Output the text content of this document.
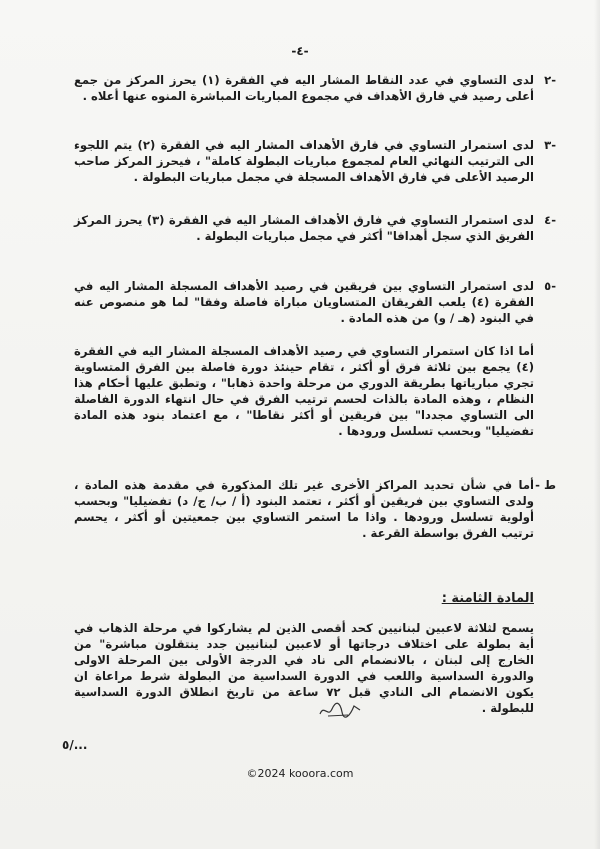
-٤-
-٢

لدى التساوي في عدد النقاط المشار اليه في الفقرة (١) يحرز المركز من جمع أعلى رصيد في فارق الأهداف في مجموع المباريات المباشرة المنوه عنها أعلاه .

-٣

لدى استمرار التساوي في فارق الأهداف المشار اليه في الفقرة (٢) يتم اللجوء الى الترتيب النهائي العام لمجموع مباريات البطولة كاملة" ، فيحرز المركز صاحب الرصيد الأعلى في فارق الأهداف المسجلة في مجمل مباريات البطولة .

-٤

لدى استمرار التساوي في فارق الأهداف المشار اليه في الفقرة (٣) يحرز المركز الفريق الذي سجل أهدافا" أكثر في مجمل مباريات البطولة .

-٥

لدى استمرار التساوي بين فريقين في رصيد الأهداف المسجلة المشار اليه في الفقرة (٤) يلعب الفريقان المتساويان مباراة فاصلة وفقا" لما هو منصوص عنه في البنود (هـ / و) من هذه المادة .

أما اذا كان استمرار التساوي في رصيد الأهداف المسجلة المشار اليه في الفقرة (٤) يجمع بين ثلاثة فرق أو أكثر ، تقام حينئذ دورة فاصلة بين الفرق المتساوية تجري مبارياتها بطريقة الدوري من مرحلة واحدة ذهابا" ، وتطبق عليها أحكام هذا النظام ، وهذه المادة بالذات لحسم ترتيب الفرق في حال انتهاء الدورة الفاصلة الى التساوي مجددا" بين فريقين أو أكثر نقاطا" ، مع اعتماد بنود هذه المادة تفضيليا" وبحسب تسلسل ورودها .

ط -

أما في شأن تحديد المراكز الأخرى غير تلك المذكورة في مقدمة هذه المادة ، ولدى التساوي بين فريقين أو أكثر ، تعتمد البنود (أ / ب/ ج/ د) تفضيليا" وبحسب أولوية تسلسل ورودها . واذا ما استمر التساوي بين جمعيتين أو أكثر ، يحسم ترتيب الفرق بواسطة القرعة .

المادة الثامنة :

يسمح لثلاثة لاعبين لبنانيين كحد أقصى الذين لم يشاركوا في مرحلة الذهاب في أية بطولة على اختلاف درجاتها أو لاعبين لبنانيين جدد ينتقلون مباشرة" من الخارج إلى لبنان ، بالانضمام الى ناد في الدرجة الأولى بين المرحلة الاولى والدورة السداسية واللعب في الدورة السداسية من البطولة شرط مراعاة ان يكون الانضمام الى النادي قبل ٧٢ ساعة من تاريخ انطلاق الدورة السداسية للبطولة .

٥/...
©2024 kooora.com
